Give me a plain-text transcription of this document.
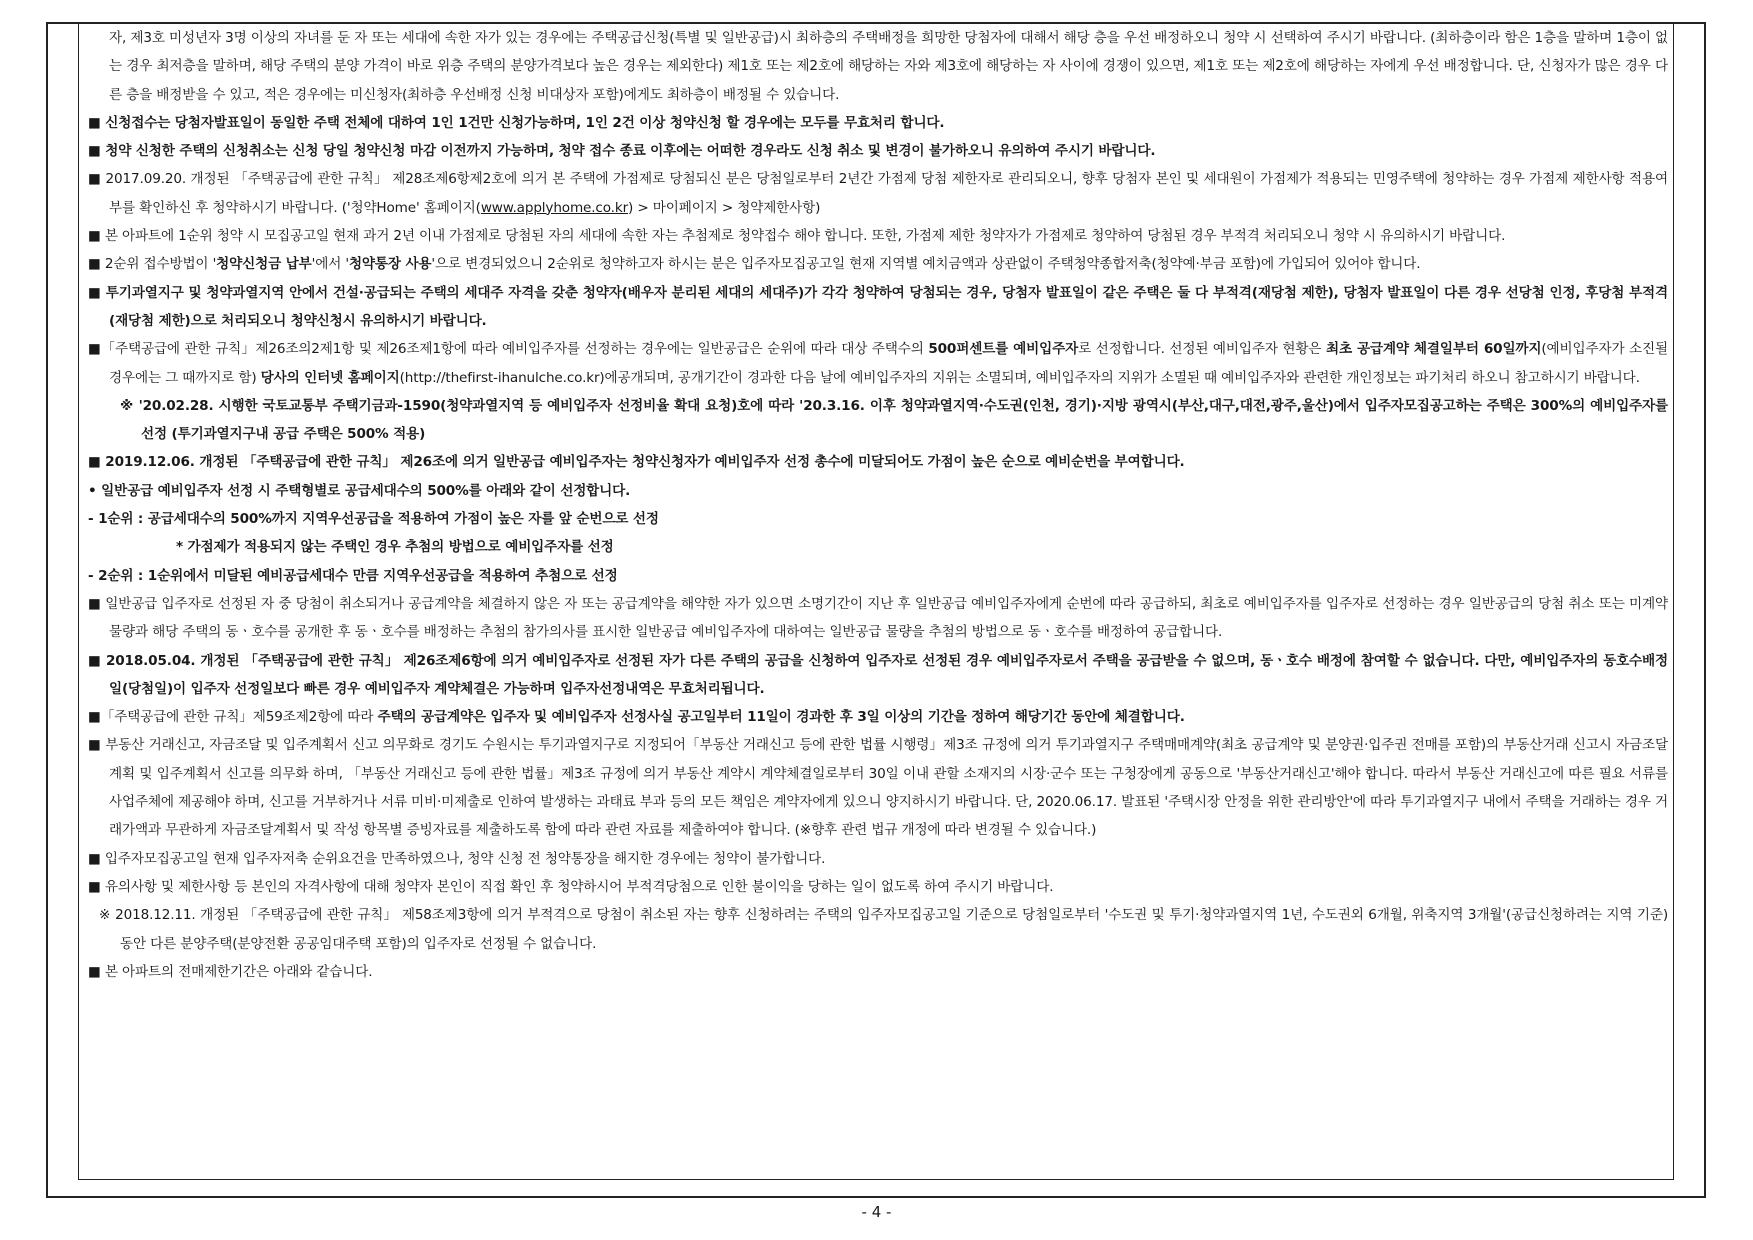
자, 제3호 미성년자 3명 이상의 자녀를 둔 자 또는 세대에 속한 자가 있는 경우에는 주택공급신청(특별 및 일반공급)시 최하층의 주택배정을 희망한 당첨자에 대해서 해당 층을 우선 배정하오니 청약 시 선택하여 주시기 바랍니다. (최하층이라 함은 1층을 말하며 1층이 없는 경우 최저층을 말하며, 해당 주택의 분양 가격이 바로 위층 주택의 분양가격보다 높은 경우는 제외한다) 제1호 또는 제2호에 해당하는 자와 제3호에 해당하는 자 사이에 경쟁이 있으면, 제1호 또는 제2호에 해당하는 자에게 우선 배정합니다. 단, 신청자가 많은 경우 다른 층을 배정받을 수 있고, 적은 경우에는 미신청자(최하층 우선배정 신청 비대상자 포함)에게도 최하층이 배정될 수 있습니다.

■ 신청접수는 당첨자발표일이 동일한 주택 전체에 대하여 1인 1건만 신청가능하며, 1인 2건 이상 청약신청 할 경우에는 모두를 무효처리 합니다.

■ 청약 신청한 주택의 신청취소는 신청 당일 청약신청 마감 이전까지 가능하며, 청약 접수 종료 이후에는 어떠한 경우라도 신청 취소 및 변경이 불가하오니 유의하여 주시기 바랍니다.

■ 2017.09.20. 개정된 「주택공급에 관한 규칙」 제28조제6항제2호에 의거 본 주택에 가점제로 당첨되신 분은 당첨일로부터 2년간 가점제 당첨 제한자로 관리되오니, 향후 당첨자 본인 및 세대원이 가점제가 적용되는 민영주택에 청약하는 경우 가점제 제한사항 적용여부를 확인하신 후 청약하시기 바랍니다. ('청약Home' 홈페이지(www.applyhome.co.kr) > 마이페이지 > 청약제한사항)

■ 본 아파트에 1순위 청약 시 모집공고일 현재 과거 2년 이내 가점제로 당첨된 자의 세대에 속한 자는 추첨제로 청약접수 해야 합니다. 또한, 가점제 제한 청약자가 가점제로 청약하여 당첨된 경우 부적격 처리되오니 청약 시 유의하시기 바랍니다.

■ 2순위 접수방법이 '청약신청금 납부'에서 '청약통장 사용'으로 변경되었으니 2순위로 청약하고자 하시는 분은 입주자모집공고일 현재 지역별 예치금액과 상관없이 주택청약종합저축(청약예·부금 포함)에 가입되어 있어야 합니다.

■ 투기과열지구 및 청약과열지역 안에서 건설·공급되는 주택의 세대주 자격을 갖춘 청약자(배우자 분리된 세대의 세대주)가 각각 청약하여 당첨되는 경우, 당첨자 발표일이 같은 주택은 둘 다 부적격(재당첨 제한), 당첨자 발표일이 다른 경우 선당첨 인정, 후당첨 부적격(재당첨 제한)으로 처리되오니 청약신청시 유의하시기 바랍니다.

■「주택공급에 관한 규칙」제26조의2제1항 및 제26조제1항에 따라 예비입주자를 선정하는 경우에는 일반공급은 순위에 따라 대상 주택수의 500퍼센트를 예비입주자로 선정합니다. 선정된 예비입주자 현황은 최초 공급계약 체결일부터 60일까지(예비입주자가 소진될 경우에는 그 때까지로 함) 당사의 인터넷 홈페이지(http://thefirst-ihanulche.co.kr)에공개되며, 공개기간이 경과한 다음 날에 예비입주자의 지위는 소멸되며, 예비입주자의 지위가 소멸된 때 예비입주자와 관련한 개인정보는 파기처리 하오니 참고하시기 바랍니다.

※ '20.02.28. 시행한 국토교통부 주택기금과-1590(청약과열지역 등 예비입주자 선정비율 확대 요청)호에 따라 '20.3.16. 이후 청약과열지역·수도권(인천, 경기)·지방 광역시(부산,대구,대전,광주,울산)에서 입주자모집공고하는 주택은 300%의 예비입주자를 선정 (투기과열지구내 공급 주택은 500% 적용)

■ 2019.12.06. 개정된 「주택공급에 관한 규칙」 제26조에 의거 일반공급 예비입주자는 청약신청자가 예비입주자 선정 총수에 미달되어도 가점이 높은 순으로 예비순번을 부여합니다.

• 일반공급 예비입주자 선정 시 주택형별로 공급세대수의 500%를 아래와 같이 선정합니다.

- 1순위 : 공급세대수의 500%까지 지역우선공급을 적용하여 가점이 높은 자를 앞 순번으로 선정

* 가점제가 적용되지 않는 주택인 경우 추첨의 방법으로 예비입주자를 선정

- 2순위 : 1순위에서 미달된 예비공급세대수 만큼 지역우선공급을 적용하여 추첨으로 선정

■ 일반공급 입주자로 선정된 자 중 당첨이 취소되거나 공급계약을 체결하지 않은 자 또는 공급계약을 해약한 자가 있으면 소명기간이 지난 후 일반공급 예비입주자에게 순번에 따라 공급하되, 최초로 예비입주자를 입주자로 선정하는 경우 일반공급의 당첨 취소 또는 미계약 물량과 해당 주택의 동ㆍ호수를 공개한 후 동ㆍ호수를 배정하는 추첨의 참가의사를 표시한 일반공급 예비입주자에 대하여는 일반공급 물량을 추첨의 방법으로 동ㆍ호수를 배정하여 공급합니다.

■ 2018.05.04. 개정된 「주택공급에 관한 규칙」 제26조제6항에 의거 예비입주자로 선정된 자가 다른 주택의 공급을 신청하여 입주자로 선정된 경우 예비입주자로서 주택을 공급받을 수 없으며, 동ㆍ호수 배정에 참여할 수 없습니다. 다만, 예비입주자의 동호수배정일(당첨일)이 입주자 선정일보다 빠른 경우 예비입주자 계약체결은 가능하며 입주자선정내역은 무효처리됩니다.

■「주택공급에 관한 규칙」제59조제2항에 따라 주택의 공급계약은 입주자 및 예비입주자 선정사실 공고일부터 11일이 경과한 후 3일 이상의 기간을 정하여 해당기간 동안에 체결합니다.

■ 부동산 거래신고, 자금조달 및 입주계획서 신고 의무화로 경기도 수원시는 투기과열지구로 지정되어「부동산 거래신고 등에 관한 법률 시행령」제3조 규정에 의거 투기과열지구 주택매매계약(최초 공급계약 및 분양권·입주권 전매를 포함)의 부동산거래 신고시 자금조달계획 및 입주계획서 신고를 의무화 하며, 「부동산 거래신고 등에 관한 법률」제3조 규정에 의거 부동산 계약시 계약체결일로부터 30일 이내 관할 소재지의 시장·군수 또는 구청장에게 공동으로 '부동산거래신고'해야 합니다. 따라서 부동산 거래신고에 따른 필요 서류를 사업주체에 제공해야 하며, 신고를 거부하거나 서류 미비·미제출로 인하여 발생하는 과태료 부과 등의 모든 책임은 계약자에게 있으니 양지하시기 바랍니다. 단, 2020.06.17. 발표된 '주택시장 안정을 위한 관리방안'에 따라 투기과열지구 내에서 주택을 거래하는 경우 거래가액과 무관하게 자금조달계획서 및 작성 항목별 증빙자료를 제출하도록 함에 따라 관련 자료를 제출하여야 합니다. (※향후 관련 법규 개정에 따라 변경될 수 있습니다.)

■ 입주자모집공고일 현재 입주자저축 순위요건을 만족하였으나, 청약 신청 전 청약통장을 해지한 경우에는 청약이 불가합니다.

■ 유의사항 및 제한사항 등 본인의 자격사항에 대해 청약자 본인이 직접 확인 후 청약하시어 부적격당첨으로 인한 불이익을 당하는 일이 없도록 하여 주시기 바랍니다.

※ 2018.12.11. 개정된 「주택공급에 관한 규칙」 제58조제3항에 의거 부적격으로 당첨이 취소된 자는 향후 신청하려는 주택의 입주자모집공고일 기준으로 당첨일로부터 '수도권 및 투기·청약과열지역 1년, 수도권외 6개월, 위축지역 3개월'(공급신청하려는 지역 기준) 동안 다른 분양주택(분양전환 공공임대주택 포함)의 입주자로 선정될 수 없습니다.

■ 본 아파트의 전매제한기간은 아래와 같습니다.

- 4 -
